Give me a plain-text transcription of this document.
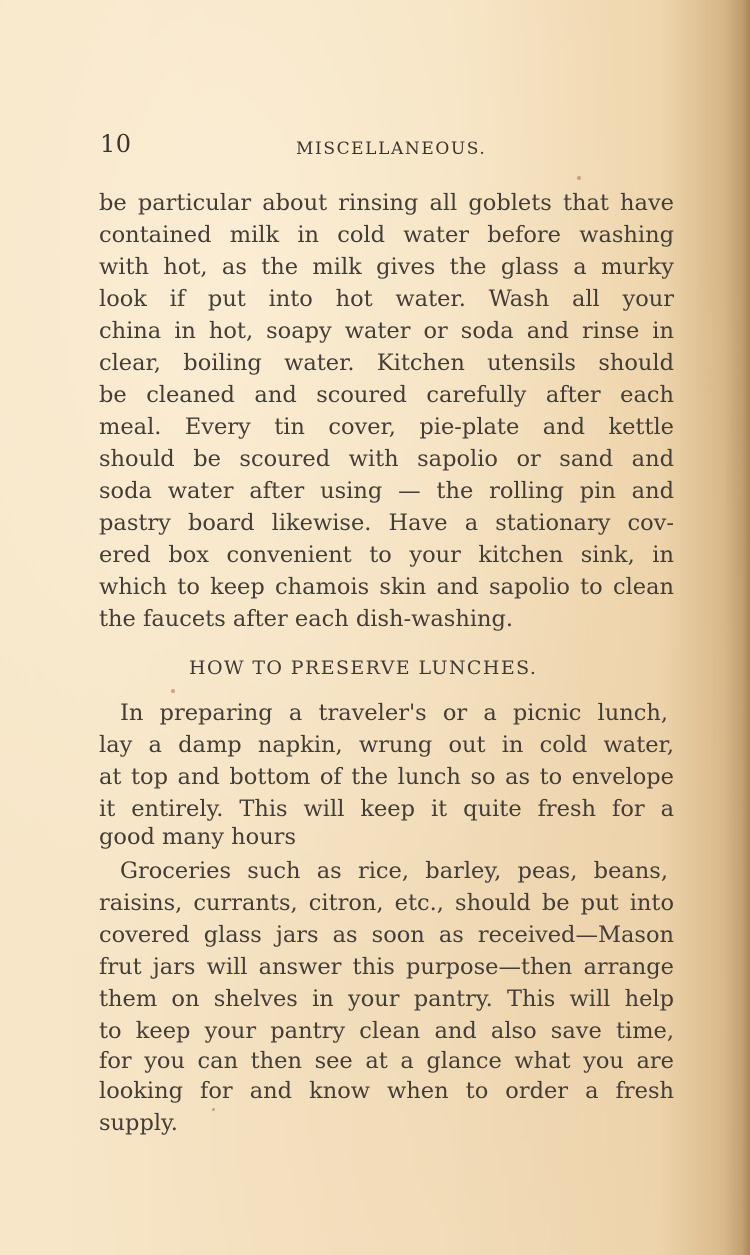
10	MISCELLANEOUS.
be particular about rinsing all goblets that have
contained milk in cold water before washing
with hot, as the milk gives the glass a murky
look if put into hot water. Wash all your
china in hot, soapy water or soda and rinse in
clear, boiling water. Kitchen utensils should
be cleaned and scoured carefully after each
meal. Every tin cover, pie-plate and kettle
should be scoured with sapolio or sand and
soda water after using — the rolling pin and
pastry board likewise. Have a stationary cov-
ered box convenient to your kitchen sink, in
which to keep chamois skin and sapolio to clean
the faucets after each dish-washing.
HOW TO PRESERVE LUNCHES.
In preparing a traveler's or a picnic lunch,
lay a damp napkin, wrung out in cold water,
at top and bottom of the lunch so as to envelope
it entirely. This will keep it quite fresh for a
good many hours
Groceries such as rice, barley, peas, beans,
raisins, currants, citron, etc., should be put into
covered glass jars as soon as received—Mason
frut jars will answer this purpose—then arrange
them on shelves in your pantry. This will help
to keep your pantry clean and also save time,
for you can then see at a glance what you are
looking for and know when to order a fresh
supply.
